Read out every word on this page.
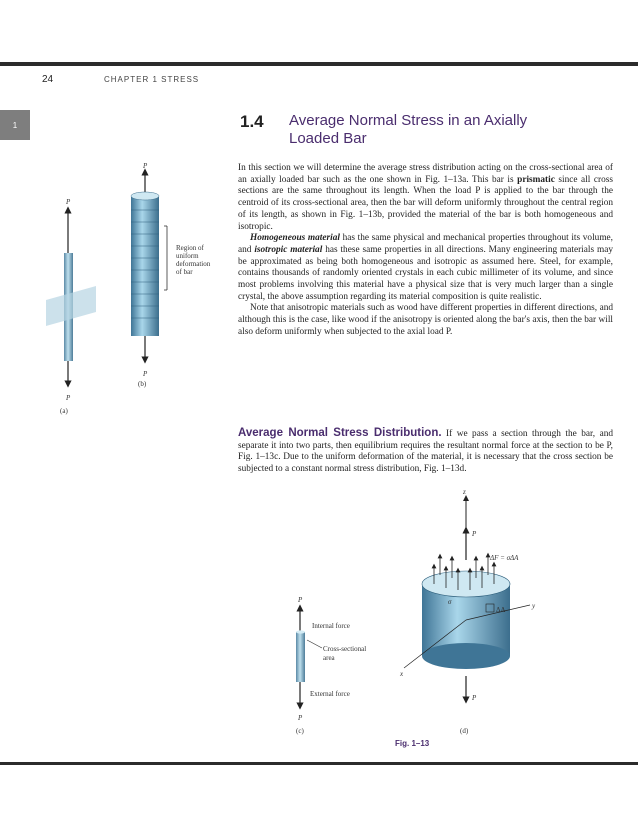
24	CHAPTER 1 STRESS
1	1.4 Average Normal Stress in an Axially Loaded Bar

In this section we will determine the average stress distribution acting on the cross-sectional area of an axially loaded bar such as the one shown in Fig. 1–13a. This bar is prismatic since all cross sections are the same throughout its length. When the load P is applied to the bar through the centroid of its cross-sectional area, then the bar will deform uniformly throughout the central region of its length, as shown in Fig. 1–13b, provided the material of the bar is both homogeneous and isotropic.

Homogeneous material has the same physical and mechanical properties throughout its volume, and isotropic material has these same properties in all directions. Many engineering materials may be approximated as being both homogeneous and isotropic as assumed here. Steel, for example, contains thousands of randomly oriented crystals in each cubic millimeter of its volume, and since most problems involving this material have a physical size that is very much larger than a single crystal, the above assumption regarding its material composition is quite realistic.

Note that anisotropic materials such as wood have different properties in different directions, and although this is the case, like wood if the anisotropy is oriented along the bar's axis, then the bar will also deform uniformly when subjected to the axial load P.

Average Normal Stress Distribution. If we pass a section through the bar, and separate it into two parts, then equilibrium requires the resultant normal force at the section to be P, Fig. 1–13c. Due to the uniform deformation of the material, it is necessary that the cross section be subjected to a constant normal stress distribution, Fig. 1–13d.

P
P
(a)
P
P
(b)
Region of
uniform
deformation
of bar
P
P
(c)
Internal force
Cross-sectional
area
External force
z
P
ΔA
ΔF = σΔA
σ	y
x
P
(d)
Fig. 1–13
